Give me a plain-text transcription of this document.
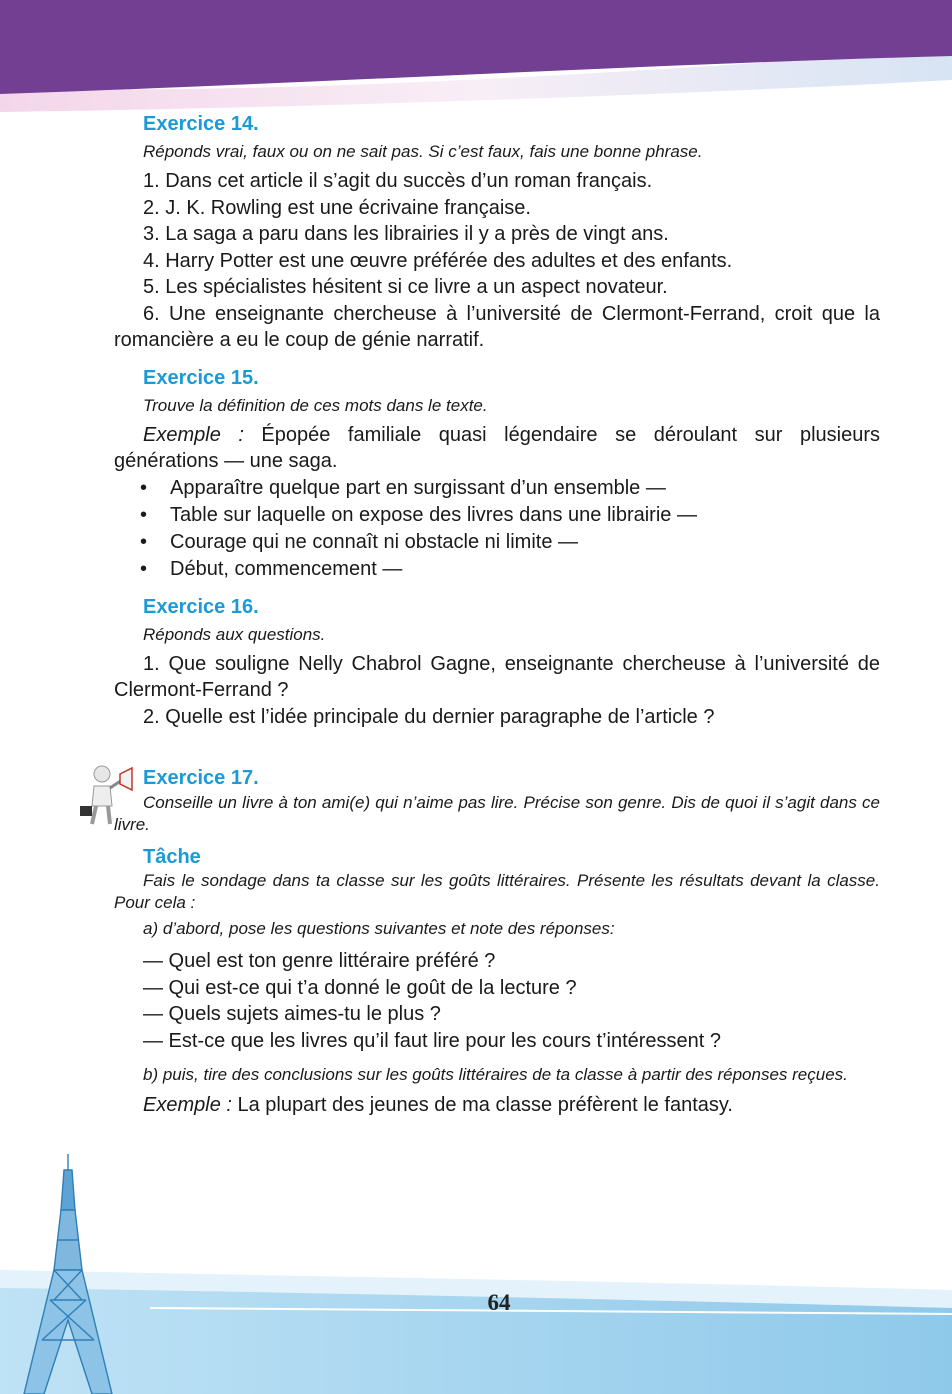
Exercice 14.
Réponds vrai, faux ou on ne sait pas. Si c’est faux, fais une bonne phrase.

1. Dans cet article il s’agit du succès d’un roman français.

2. J. K. Rowling est une écrivaine française.

3. La saga a paru dans les librairies il y a près de vingt ans.

4. Harry Potter est une œuvre préférée des adultes et des enfants.

5. Les spécialistes hésitent si ce livre a un aspect novateur.

6. Une enseignante chercheuse à l’université de Clermont-Ferrand, croit que la romancière a eu le coup de génie narratif.

Exercice 15.
Trouve la définition de ces mots dans le texte.

Exemple : Épopée familiale quasi légendaire se déroulant sur plusieurs générations — une saga.

• Apparaître quelque part en surgissant d’un ensemble —
• Table sur laquelle on expose des livres dans une librairie —
• Courage qui ne connaît ni obstacle ni limite —
• Début, commencement —
Exercice 16.
Réponds aux questions.

1. Que souligne Nelly Chabrol Gagne, enseignante chercheuse à l’université de Clermont-Ferrand ?

2. Quelle est l’idée principale du dernier paragraphe de l’article ?

Exercice 17.

Conseille un livre à ton ami(e) qui n’aime pas lire. Précise son genre. Dis de quoi il s’agit dans ce livre.

Tâche

Fais le sondage dans ta classe sur les goûts littéraires. Présente les résultats devant la classe. Pour cela :

a) d’abord, pose les questions suivantes et note des réponses:

— Quel est ton genre littéraire préféré ?

— Qui est-ce qui t’a donné le goût de la lecture ?

— Quels sujets aimes-tu le plus ?

— Est-ce que les livres qu’il faut lire pour les cours t’intéressent ?

b) puis, tire des conclusions sur les goûts littéraires de ta classe à partir des réponses reçues.

Exemple : La plupart des jeunes de ma classe préfèrent le fantasy.

64
